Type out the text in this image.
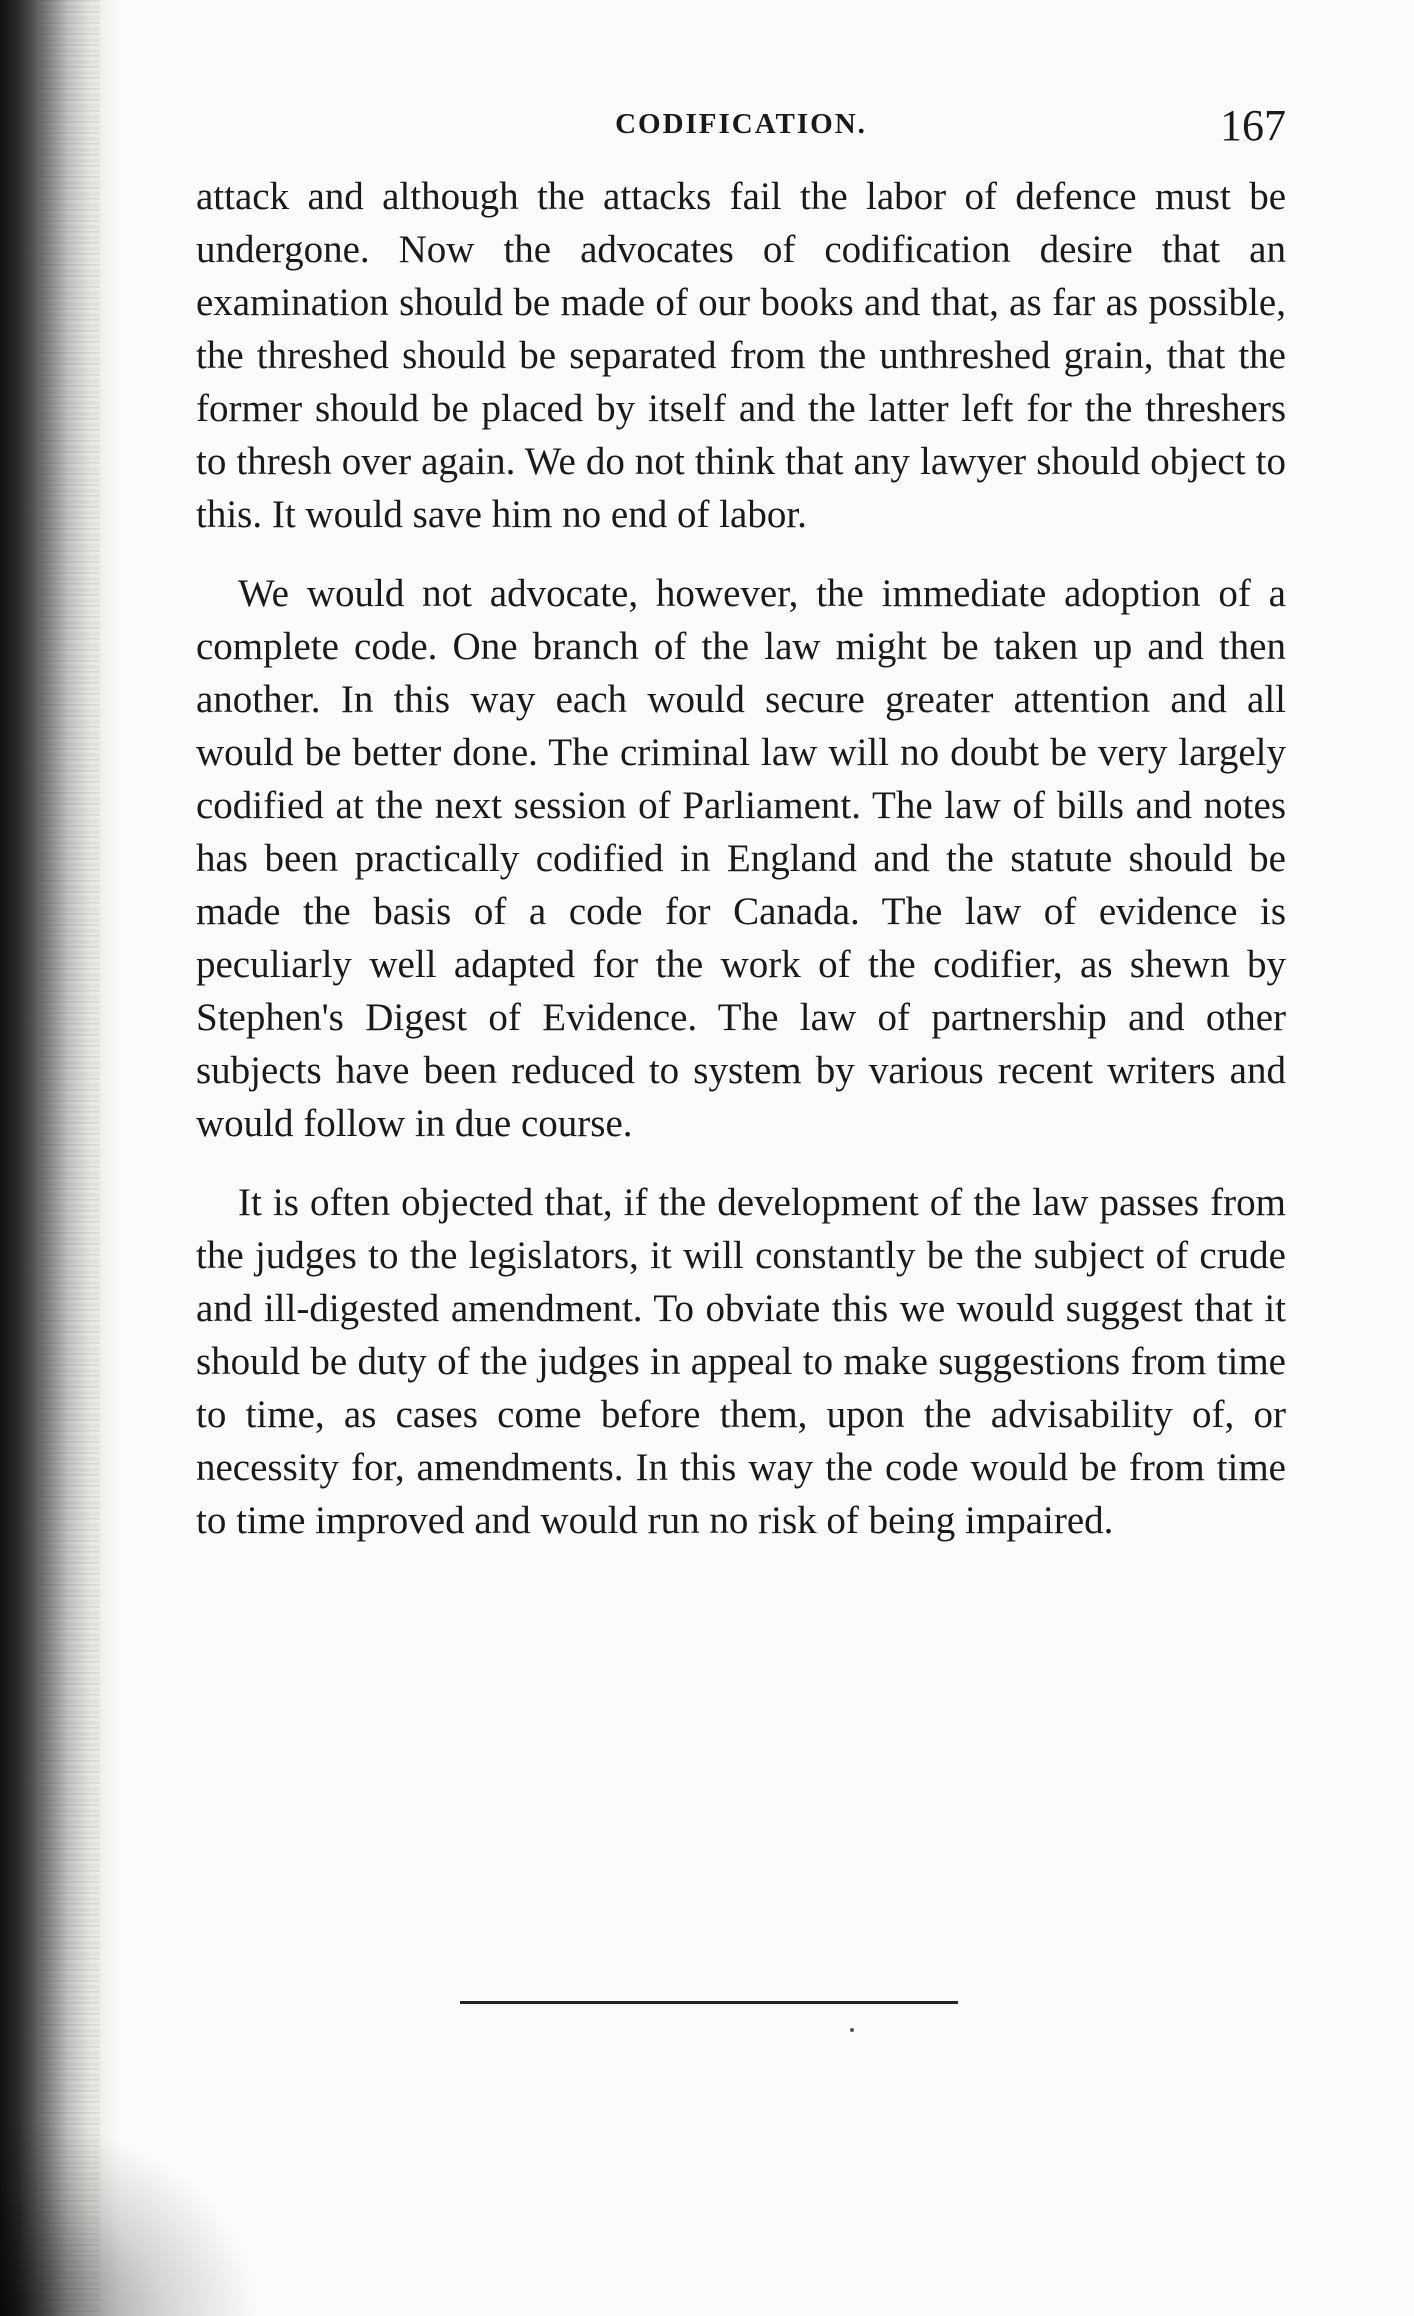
CODIFICATION.	167

attack and although the attacks fail the labor of defence must be undergone. Now the advocates of codification desire that an examination should be made of our books and that, as far as possible, the threshed should be separated from the unthreshed grain, that the former should be placed by itself and the latter left for the threshers to thresh over again. We do not think that any lawyer should object to this. It would save him no end of labor.

We would not advocate, however, the immediate adoption of a complete code. One branch of the law might be taken up and then another. In this way each would secure greater attention and all would be better done. The criminal law will no doubt be very largely codified at the next session of Parliament. The law of bills and notes has been practically codified in England and the statute should be made the basis of a code for Canada. The law of evidence is peculiarly well adapted for the work of the codifier, as shewn by Stephen's Digest of Evidence. The law of partnership and other subjects have been reduced to system by various recent writers and would follow in due course.

It is often objected that, if the development of the law passes from the judges to the legislators, it will constantly be the subject of crude and ill-digested amendment. To obviate this we would suggest that it should be duty of the judges in appeal to make suggestions from time to time, as cases come before them, upon the advisability of, or necessity for, amendments. In this way the code would be from time to time improved and would run no risk of being impaired.
